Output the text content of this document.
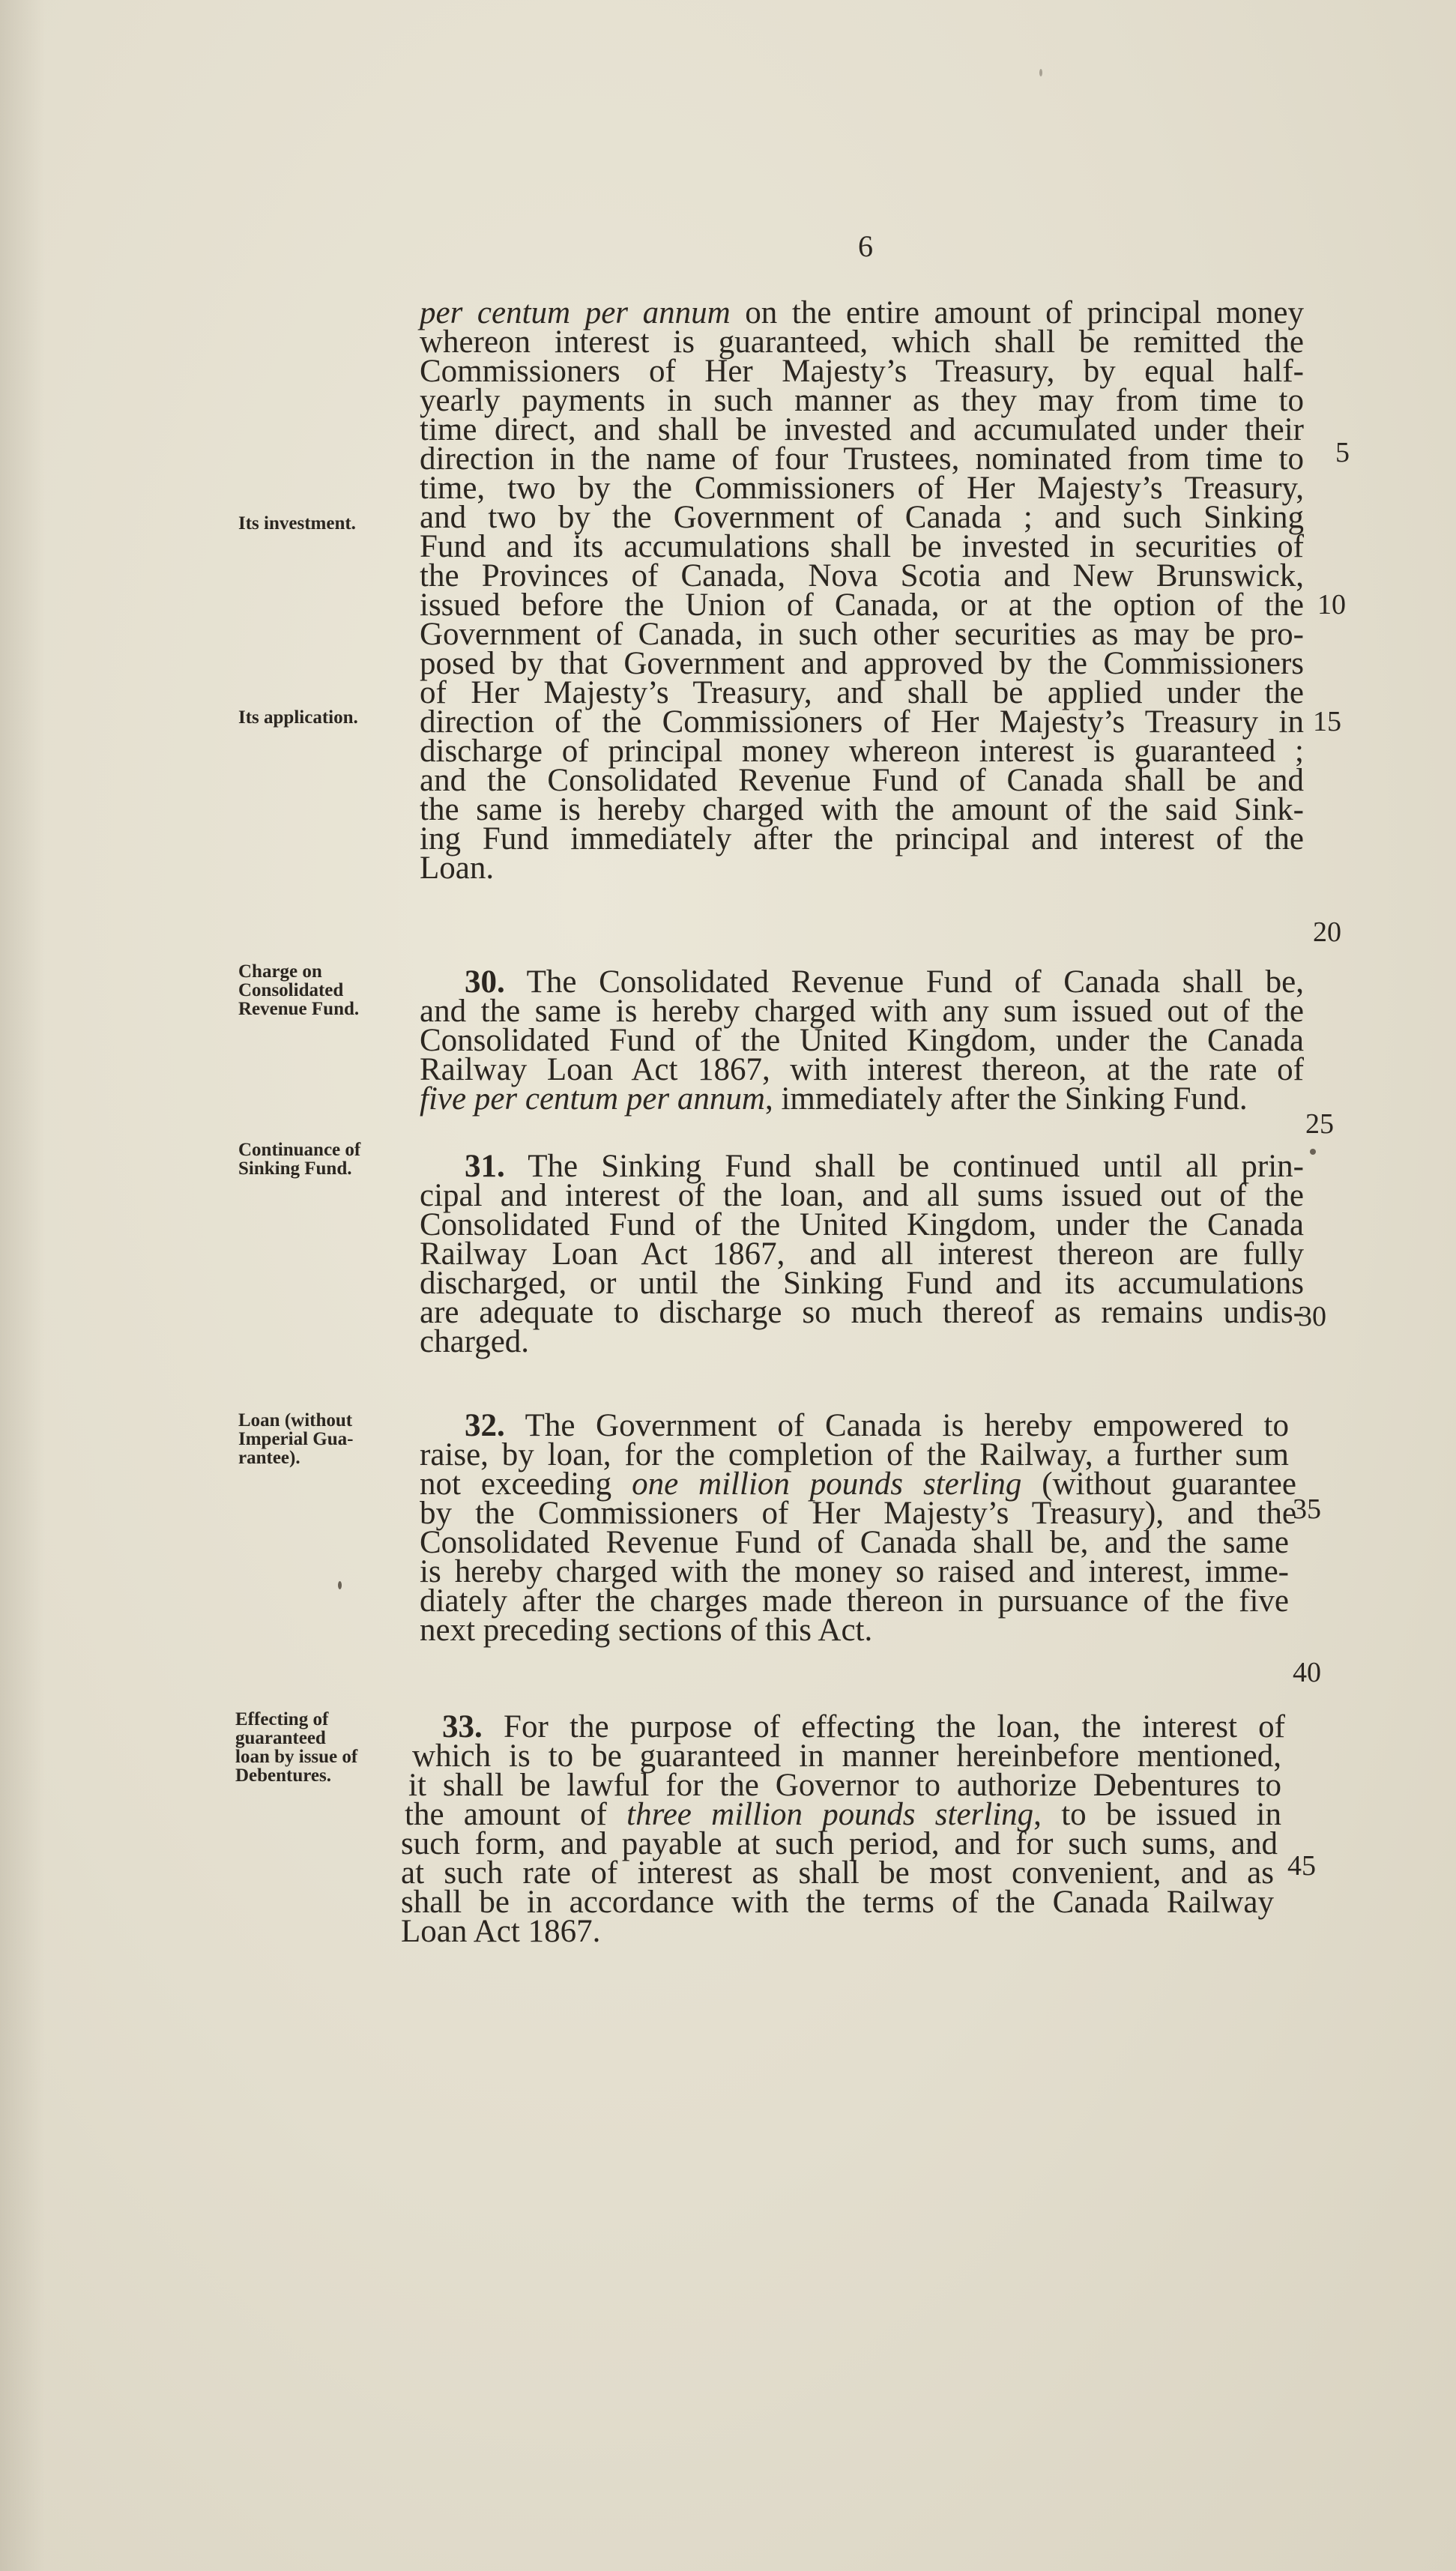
6
per centum per annum on the entire amount of principal money
whereon interest is guaranteed, which shall be remitted the
Commissioners of Her Majesty’s Treasury, by equal half-
yearly payments in such manner as they may from time to
time direct, and shall be invested and accumulated under their
direction in the name of four Trustees, nominated from time to
time, two by the Commissioners of Her Majesty’s Treasury,
and two by the Government of Canada ; and such Sinking
Fund and its accumulations shall be invested in securities of
the Provinces of Canada, Nova Scotia and New Brunswick,
issued before the Union of Canada, or at the option of the
Government of Canada, in such other securities as may be pro-
posed by that Government and approved by the Commissioners
of Her Majesty’s Treasury, and shall be applied under the
direction of the Commissioners of Her Majesty’s Treasury in
discharge of principal money whereon interest is guaranteed ;
and the Consolidated Revenue Fund of Canada shall be and
the same is hereby charged with the amount of the said Sink-
ing Fund immediately after the principal and interest of the
Loan.
Its investment.
Its application.
Charge on
Consolidated
Revenue Fund.
30. The Consolidated Revenue Fund of Canada shall be,
and the same is hereby charged with any sum issued out of the
Consolidated Fund of the United Kingdom, under the Canada
Railway Loan Act 1867, with interest thereon, at the rate of
five per centum per annum, immediately after the Sinking Fund.
Continuance of
Sinking Fund.	31. The Sinking Fund shall be continued until all prin-
cipal and interest of the loan, and all sums issued out of the
Consolidated Fund of the United Kingdom, under the Canada
Railway Loan Act 1867, and all interest thereon are fully
discharged, or until the Sinking Fund and its accumulations
are adequate to discharge so much thereof as remains undis-
charged.
Loan (without
Imperial Gua-
rantee).
32. The Government of Canada is hereby empowered to
raise, by loan, for the completion of the Railway, a further sum
not exceeding one million pounds sterling (without guarantee
by the Commissioners of Her Majesty’s Treasury), and the
Consolidated Revenue Fund of Canada shall be, and the same
is hereby charged with the money so raised and interest, imme-
diately after the charges made thereon in pursuance of the five
next preceding sections of this Act.
Effecting of
guaranteed
loan by issue of
Debentures.
33. For the purpose of effecting the loan, the interest of
which is to be guaranteed in manner hereinbefore mentioned,
it shall be lawful for the Governor to authorize Debentures to
the amount of three million pounds sterling, to be issued in
such form, and payable at such period, and for such sums, and
at such rate of interest as shall be most convenient, and as
shall be in accordance with the terms of the Canada Railway
Loan Act 1867.
5
10
15
20
25
30
35
40
45
